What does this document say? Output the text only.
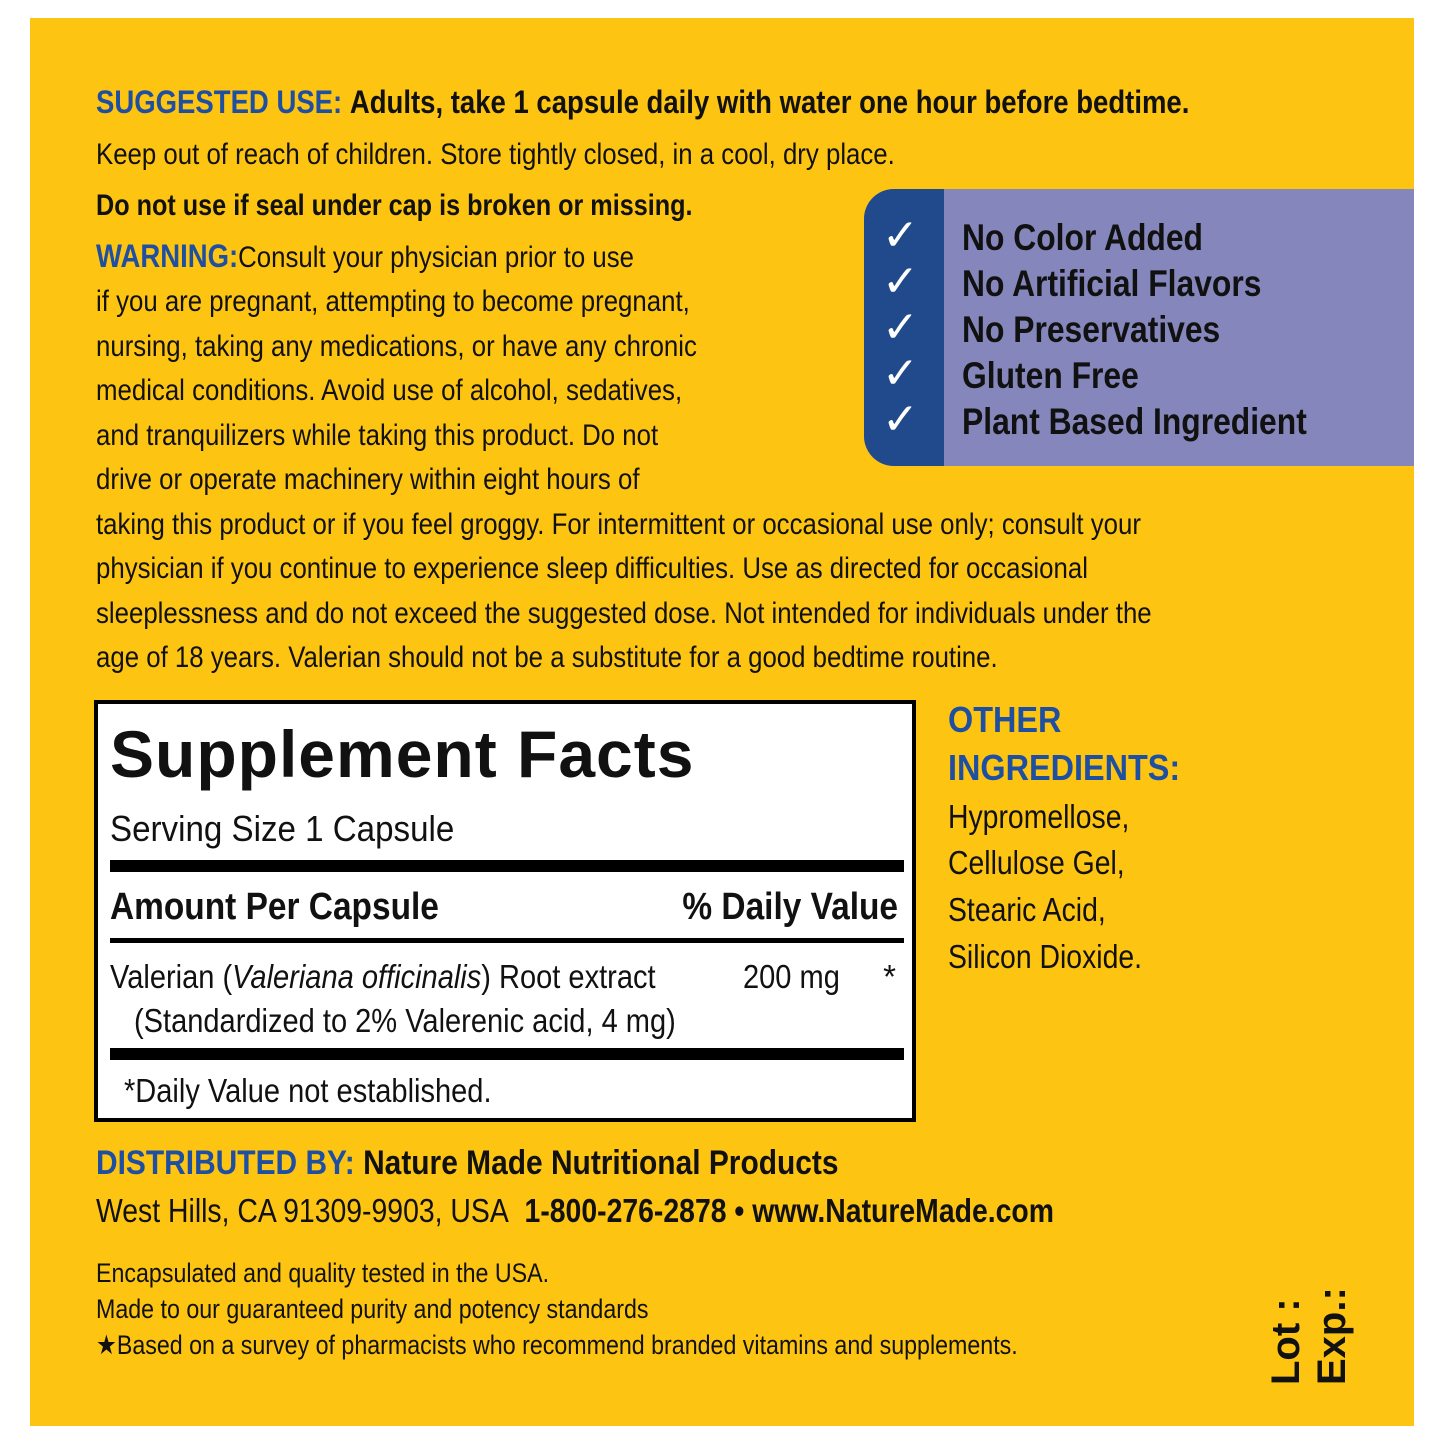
SUGGESTED USE: Adults, take 1 capsule daily with water one hour before bedtime.
Keep out of reach of children. Store tightly closed, in a cool, dry place.
Do not use if seal under cap is broken or missing.
WARNING:Consult your physician prior to use
if you are pregnant, attempting to become pregnant,
nursing, taking any medications, or have any chronic
medical conditions. Avoid use of alcohol, sedatives,
and tranquilizers while taking this product. Do not
drive or operate machinery within eight hours of
taking this product or if you feel groggy. For intermittent or occasional use only; consult your
physician if you continue to experience sleep difficulties. Use as directed for occasional
sleeplessness and do not exceed the suggested dose. Not intended for individuals under the
age of 18 years. Valerian should not be a substitute for a good bedtime routine.
✓	No Color Added
✓	No Artificial Flavors
✓	No Preservatives
✓	Gluten Free
✓	Plant Based Ingredient
Supplement Facts
Serving Size 1 Capsule
Amount Per Capsule	% Daily Value
Valerian (Valeriana officinalis) Root extract	200 mg *
(Standardized to 2% Valerenic acid, 4 mg)
*Daily Value not established.
OTHER
INGREDIENTS:
Hypromellose,
Cellulose Gel,
Stearic Acid,
Silicon Dioxide.
DISTRIBUTED BY: Nature Made Nutritional Products
West Hills, CA 91309-9903, USA 1-800-276-2878 • www.NatureMade.com
Encapsulated and quality tested in the USA.
Made to our guaranteed purity and potency standards
★Based on a survey of pharmacists who recommend branded vitamins and supplements.	Lot : Exp.:
